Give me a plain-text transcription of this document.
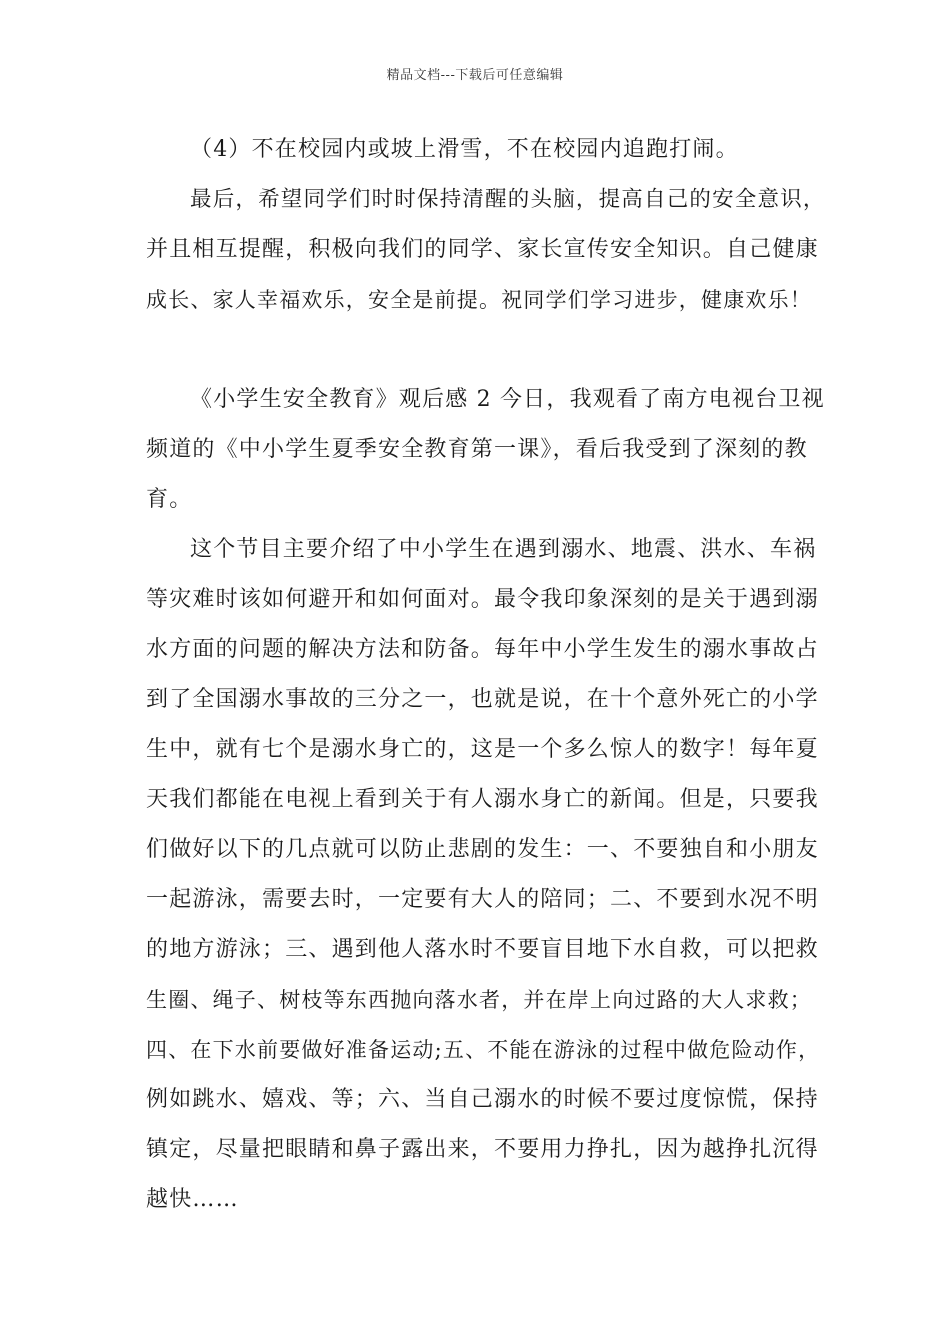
精品文档---下载后可任意编辑
（4）不在校园内或坡上滑雪，不在校园内追跑打闹。
最后，希望同学们时时保持清醒的头脑，提高自己的安全意识，
并且相互提醒，积极向我们的同学、家长宣传安全知识。自己健康
成长、家人幸福欢乐，安全是前提。祝同学们学习进步，健康欢乐！
《小学生安全教育》观后感 2 今日，我观看了南方电视台卫视
频道的《中小学生夏季安全教育第一课》，看后我受到了深刻的教
育。
这个节目主要介绍了中小学生在遇到溺水、地震、洪水、车祸
等灾难时该如何避开和如何面对。最令我印象深刻的是关于遇到溺
水方面的问题的解决方法和防备。每年中小学生发生的溺水事故占
到了全国溺水事故的三分之一，也就是说，在十个意外死亡的小学
生中，就有七个是溺水身亡的，这是一个多么惊人的数字！每年夏
天我们都能在电视上看到关于有人溺水身亡的新闻。但是，只要我
们做好以下的几点就可以防止悲剧的发生：一、不要独自和小朋友
一起游泳，需要去时，一定要有大人的陪同；二、不要到水况不明
的地方游泳；三、遇到他人落水时不要盲目地下水自救，可以把救
生圈、绳子、树枝等东西抛向落水者，并在岸上向过路的大人求救；
四、在下水前要做好准备运动;五、不能在游泳的过程中做危险动作，
例如跳水、嬉戏、等；六、当自己溺水的时候不要过度惊慌，保持
镇定，尽量把眼睛和鼻子露出来，不要用力挣扎，因为越挣扎沉得
越快……
